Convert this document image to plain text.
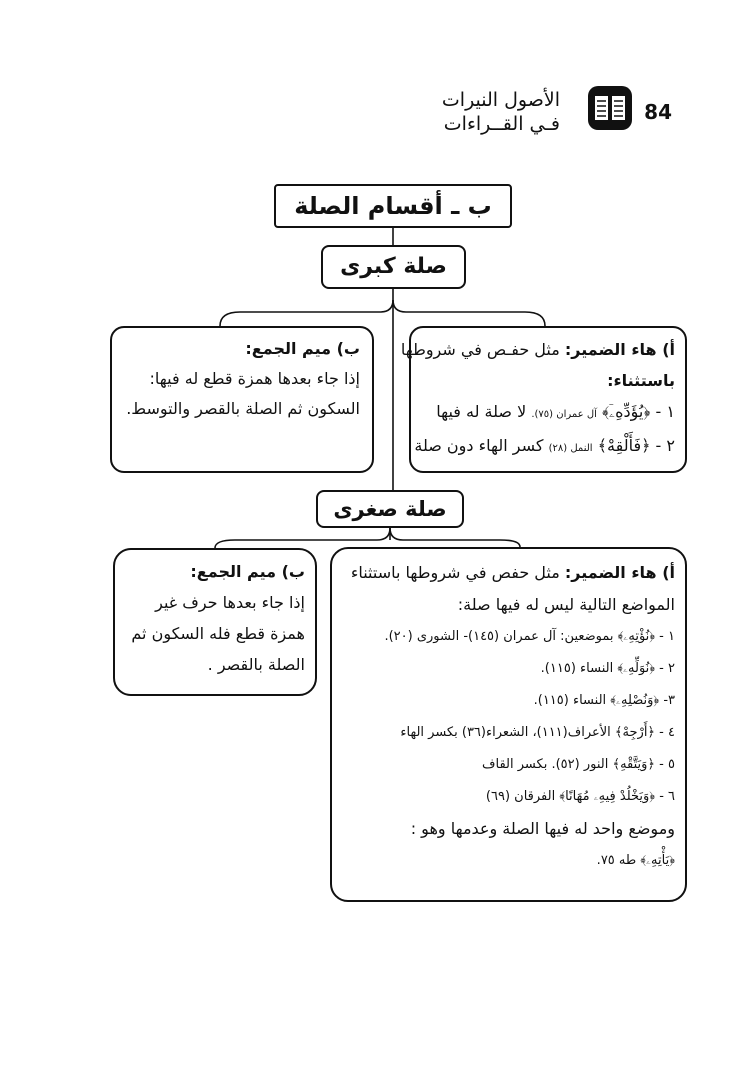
84
الأصول النيرات
فـي القــراءات
ب ـ أقسام الصلة
صلة كبرى

أ) هاء الضمير: مثل حفـص في شروطها

باستثناء:

١ - ﴿يُؤَدِّهِۦٓ﴾ آل عمران (٧٥). لا صلة له فيها

٢ - ﴿فَأَلْقِهْ﴾ النمل (٢٨) كسر الهاء دون صلة

ب) ميم الجمع:

إذا جاء بعدها همزة قطع له فيها:

السكون ثم الصلة بالقصر والتوسط.

صلة صغرى

أ) هاء الضمير: مثل حفص في شروطها باستثناء

المواضع التالية ليس له فيها صلة:

١ - ﴿نُؤْتِهِۦ﴾ بموضعين: آل عمران (١٤٥)- الشورى (٢٠).

٢ - ﴿نُوَلِّهِۦ﴾ النساء (١١٥).

٣- ﴿وَنُصْلِهِۦ﴾ النساء (١١٥).

٤ - ﴿أَرْجِهْ﴾ الأعراف(١١١)، الشعراء(٣٦) بكسر الهاء

٥ - ﴿وَيَتَّقْهِ﴾ النور (٥٢). بكسر القاف

٦ - ﴿وَيَخْلُدْ فِيهِۦ مُهَانًا﴾ الفرقان (٦٩)

وموضع واحد له فيها الصلة وعدمها وهو :

﴿يَأْتِهِۦ﴾ طه ٧٥.

ب) ميم الجمع:

إذا جاء بعدها حرف غير

همزة قطع فله السكون ثم

الصلة بالقصر .
